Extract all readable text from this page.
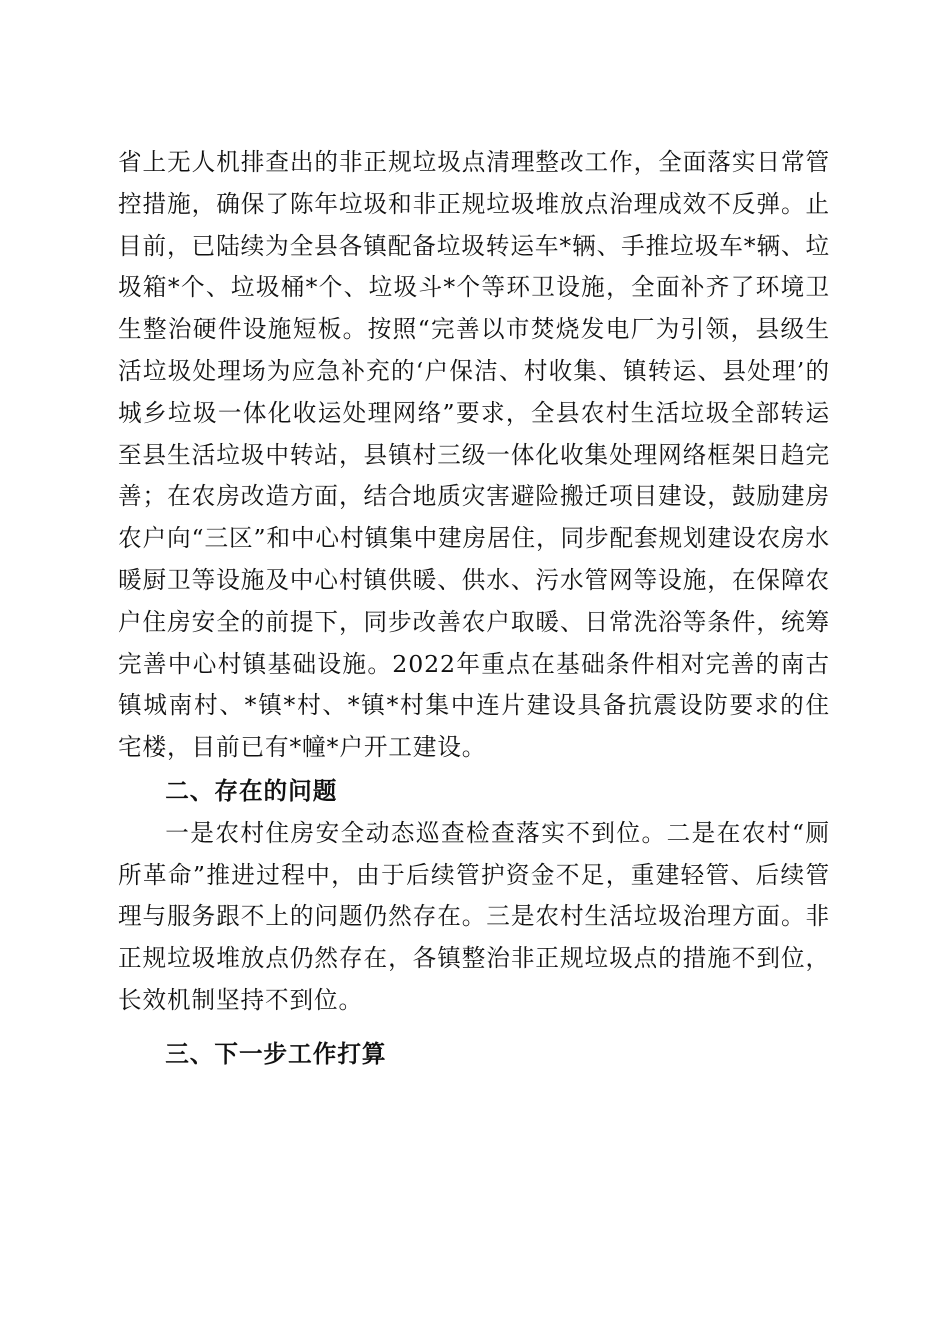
省上无人机排查出的非正规垃圾点清理整改工作，全面落实日常管控措施，确保了陈年垃圾和非正规垃圾堆放点治理成效不反弹。止目前，已陆续为全县各镇配备垃圾转运车*辆、手推垃圾车*辆、垃圾箱*个、垃圾桶*个、垃圾斗*个等环卫设施，全面补齐了环境卫生整治硬件设施短板。按照“完善以市焚烧发电厂为引领，县级生活垃圾处理场为应急补充的‘户保洁、村收集、镇转运、县处理’的城乡垃圾一体化收运处理网络”要求，全县农村生活垃圾全部转运至县生活垃圾中转站，县镇村三级一体化收集处理网络框架日趋完善；在农房改造方面，结合地质灾害避险搬迁项目建设，鼓励建房农户向“三区”和中心村镇集中建房居住，同步配套规划建设农房水暖厨卫等设施及中心村镇供暖、供水、污水管网等设施，在保障农户住房安全的前提下，同步改善农户取暖、日常洗浴等条件，统筹完善中心村镇基础设施。2022年重点在基础条件相对完善的南古镇城南村、*镇*村、*镇*村集中连片建设具备抗震设防要求的住宅楼，目前已有*幢*户开工建设。

二、存在的问题

一是农村住房安全动态巡查检查落实不到位。二是在农村“厕所革命”推进过程中，由于后续管护资金不足，重建轻管、后续管理与服务跟不上的问题仍然存在。三是农村生活垃圾治理方面。非正规垃圾堆放点仍然存在，各镇整治非正规垃圾点的措施不到位，长效机制坚持不到位。

三、下一步工作打算
